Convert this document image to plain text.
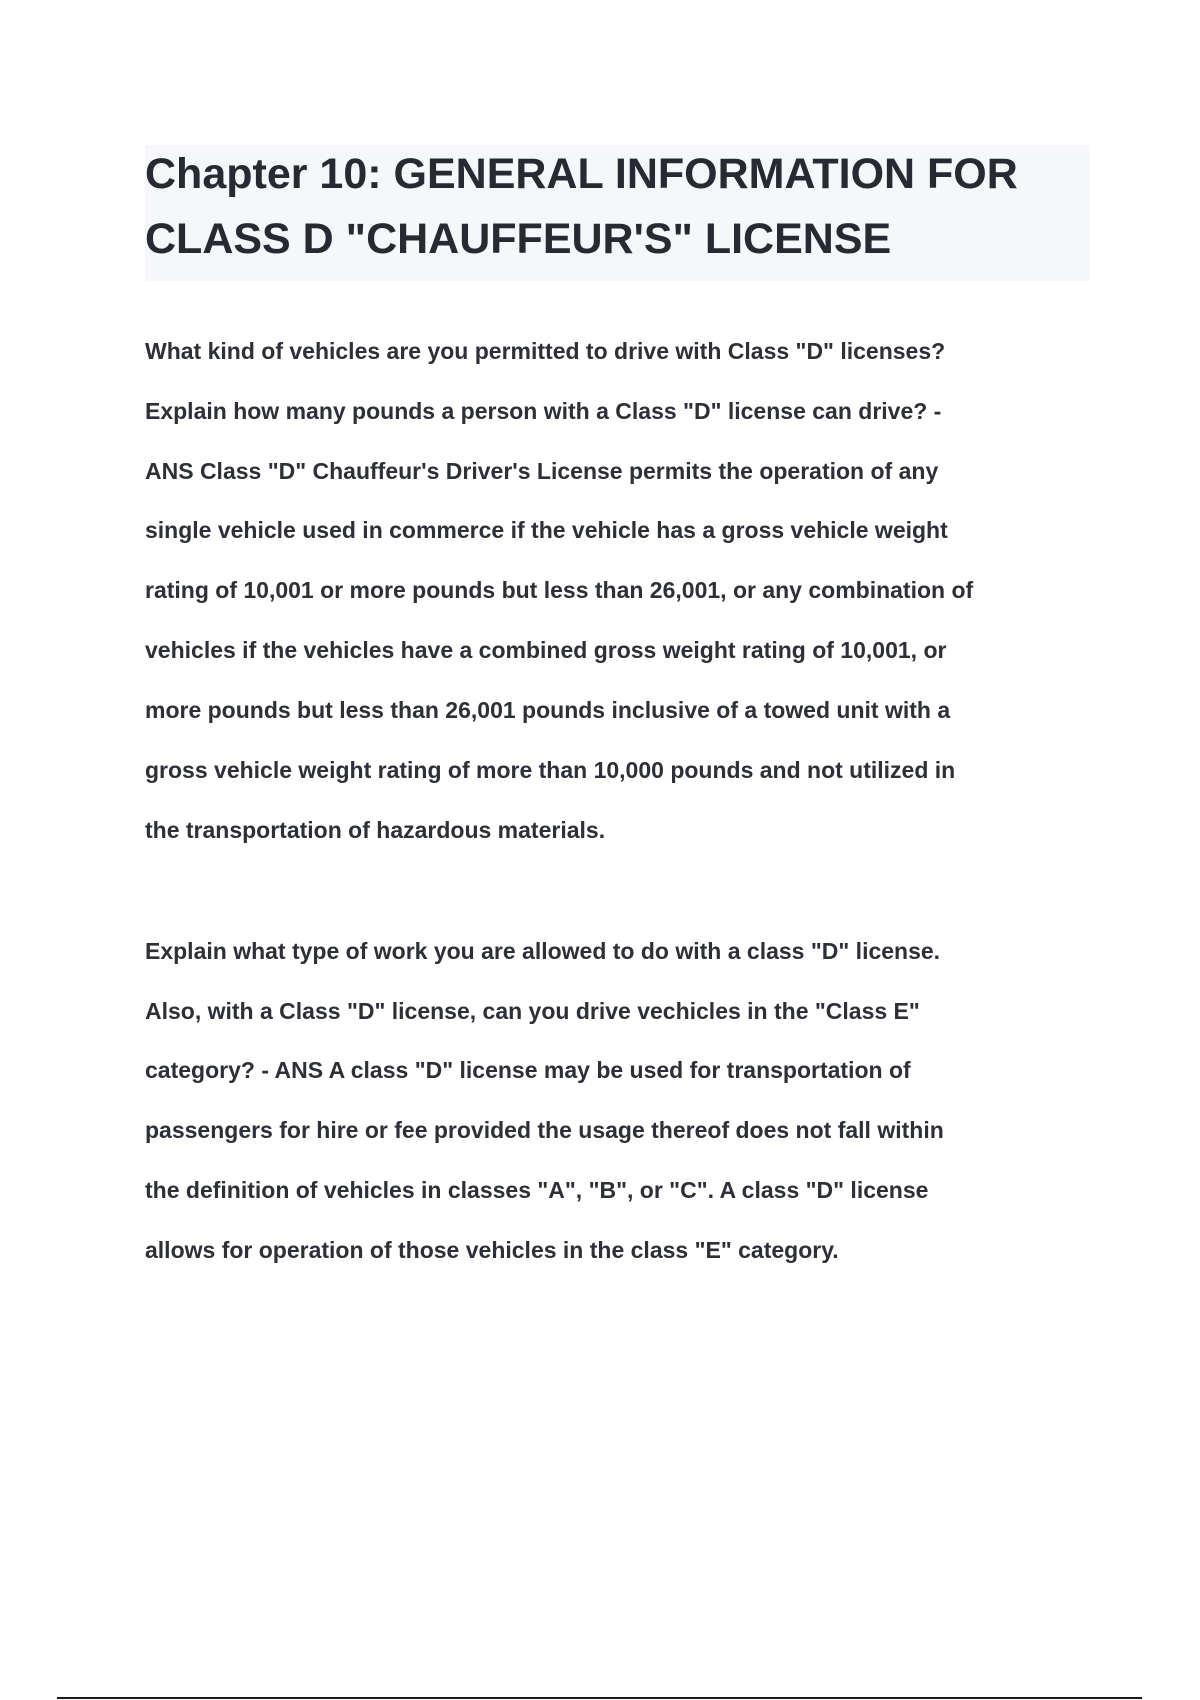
Chapter 10: GENERAL INFORMATION FOR
CLASS D "CHAUFFEUR'S" LICENSE
What kind of vehicles are you permitted to drive with Class "D" licenses?
Explain how many pounds a person with a Class "D" license can drive? -
ANS Class "D" Chauffeur's Driver's License permits the operation of any
single vehicle used in commerce if the vehicle has a gross vehicle weight
rating of 10,001 or more pounds but less than 26,001, or any combination of
vehicles if the vehicles have a combined gross weight rating of 10,001, or
more pounds but less than 26,001 pounds inclusive of a towed unit with a
gross vehicle weight rating of more than 10,000 pounds and not utilized in
the transportation of hazardous materials.
Explain what type of work you are allowed to do with a class "D" license.
Also, with a Class "D" license, can you drive vechicles in the "Class E"
category? - ANS A class "D" license may be used for transportation of
passengers for hire or fee provided the usage thereof does not fall within
the definition of vehicles in classes "A", "B", or "C". A class "D" license
allows for operation of those vehicles in the class "E" category.
